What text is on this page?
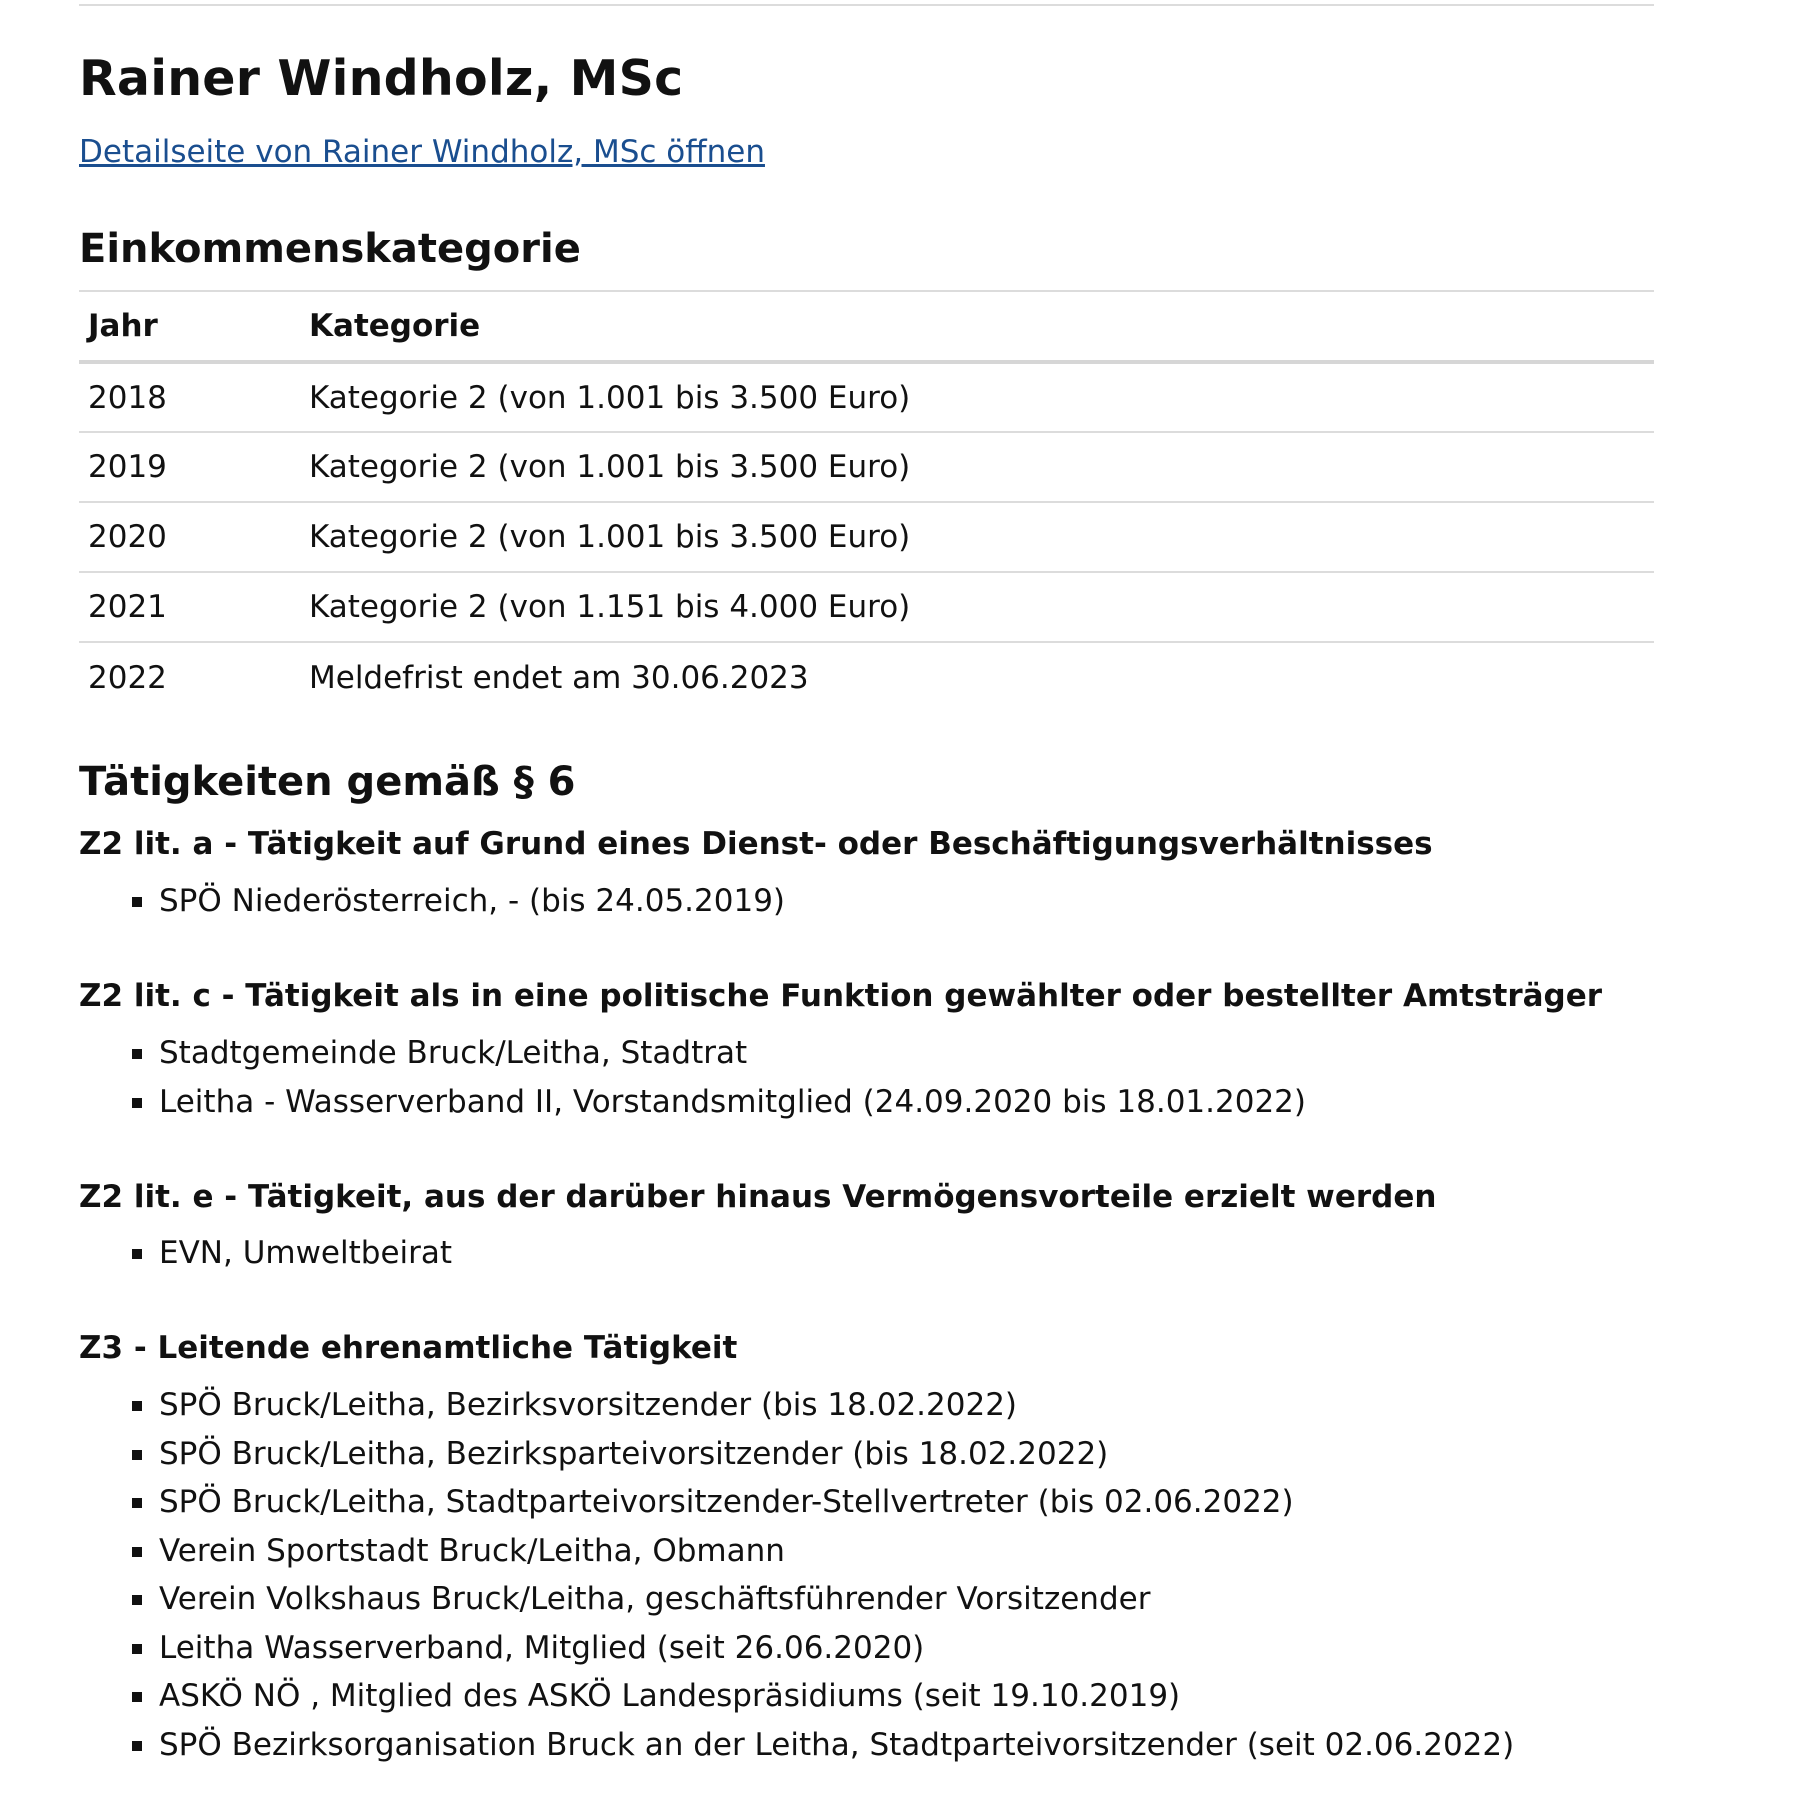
Rainer Windholz, MSc
Detailseite von Rainer Windholz, MSc öffnen
Einkommenskategorie
Jahr	Kategorie
2018	Kategorie 2 (von 1.001 bis 3.500 Euro)
2019	Kategorie 2 (von 1.001 bis 3.500 Euro)
2020	Kategorie 2 (von 1.001 bis 3.500 Euro)
2021	Kategorie 2 (von 1.151 bis 4.000 Euro)
2022	Meldefrist endet am 30.06.2023
Tätigkeiten gemäß § 6
Z2 lit. a - Tätigkeit auf Grund eines Dienst- oder Beschäftigungsverhältnisses
SPÖ Niederösterreich, - (bis 24.05.2019)
Z2 lit. c - Tätigkeit als in eine politische Funktion gewählter oder bestellter Amtsträger
Stadtgemeinde Bruck/Leitha, Stadtrat
Leitha - Wasserverband II, Vorstandsmitglied (24.09.2020 bis 18.01.2022)
Z2 lit. e - Tätigkeit, aus der darüber hinaus Vermögensvorteile erzielt werden
EVN, Umweltbeirat
Z3 - Leitende ehrenamtliche Tätigkeit
SPÖ Bruck/Leitha, Bezirksvorsitzender (bis 18.02.2022)
SPÖ Bruck/Leitha, Bezirksparteivorsitzender (bis 18.02.2022)
SPÖ Bruck/Leitha, Stadtparteivorsitzender-Stellvertreter (bis 02.06.2022)
Verein Sportstadt Bruck/Leitha, Obmann
Verein Volkshaus Bruck/Leitha, geschäftsführender Vorsitzender
Leitha Wasserverband, Mitglied (seit 26.06.2020)
ASKÖ NÖ , Mitglied des ASKÖ Landespräsidiums (seit 19.10.2019)
SPÖ Bezirksorganisation Bruck an der Leitha, Stadtparteivorsitzender (seit 02.06.2022)
